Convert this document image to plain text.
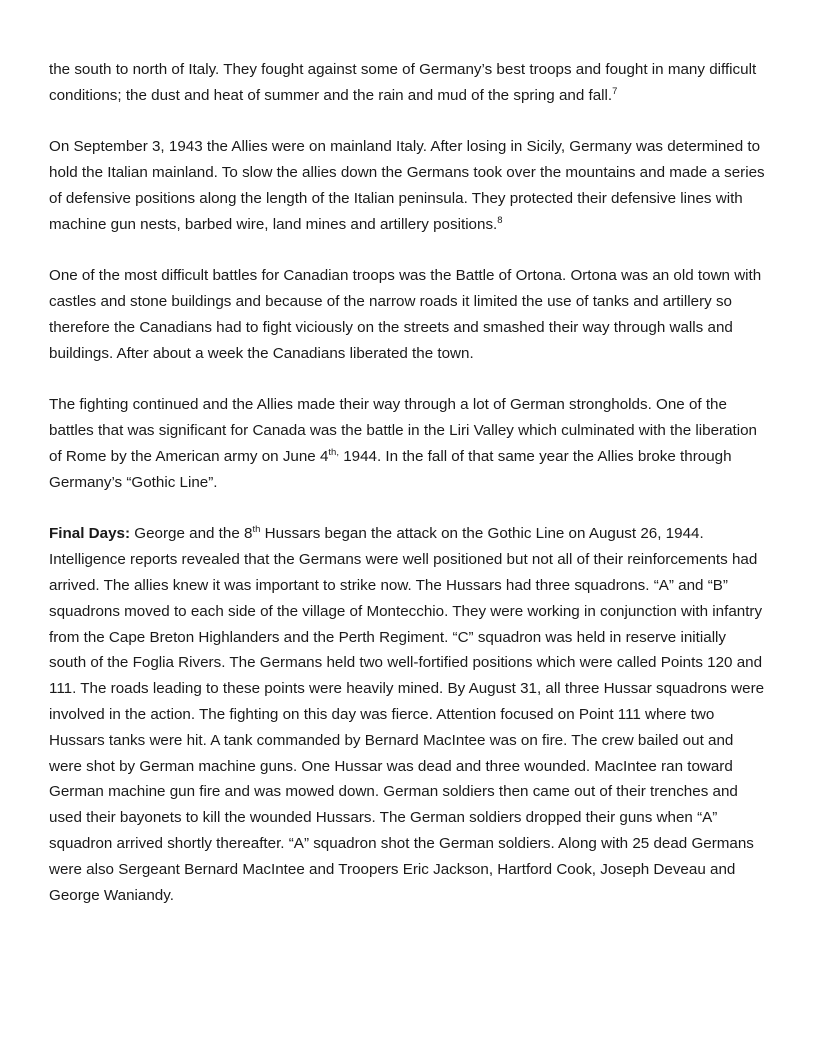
the south to north of Italy. They fought against some of Germany’s best troops and fought in many difficult conditions; the dust and heat of summer and the rain and mud of the spring and fall.$^7$

On September 3, 1943 the Allies were on mainland Italy. After losing in Sicily, Germany was determined to hold the Italian mainland. To slow the allies down the Germans took over the mountains and made a series of defensive positions along the length of the Italian peninsula. They protected their defensive lines with machine gun nests, barbed wire, land mines and artillery positions.$^8$

One of the most difficult battles for Canadian troops was the Battle of Ortona. Ortona was an old town with castles and stone buildings and because of the narrow roads it limited the use of tanks and artillery so therefore the Canadians had to fight viciously on the streets and smashed their way through walls and buildings. After about a week the Canadians liberated the town.

The fighting continued and the Allies made their way through a lot of German strongholds. One of the battles that was significant for Canada was the battle in the Liri Valley which culminated with the liberation of Rome by the American army on June $4^{th,}$ 1944. In the fall of that same year the Allies broke through Germany’s “Gothic Line”.

Final Days: George and the 8th Hussars began the attack on the Gothic Line on August 26, 1944. Intelligence reports revealed that the Germans were well positioned but not all of their reinforcements had arrived. The allies knew it was important to strike now. The Hussars had three squadrons. “A” and “B” squadrons moved to each side of the village of Montecchio. They were working in conjunction with infantry from the Cape Breton Highlanders and the Perth Regiment. “C” squadron was held in reserve initially south of the Foglia Rivers. The Germans held two well-fortified positions which were called Points 120 and 111. The roads leading to these points were heavily mined. By August 31, all three Hussar squadrons were involved in the action. The fighting on this day was fierce. Attention focused on Point 111 where two Hussars tanks were hit. A tank commanded by Bernard MacIntee was on fire. The crew bailed out and were shot by German machine guns. One Hussar was dead and three wounded. MacIntee ran toward German machine gun fire and was mowed down. German soldiers then came out of their trenches and used their bayonets to kill the wounded Hussars. The German soldiers dropped their guns when “A” squadron arrived shortly thereafter. “A” squadron shot the German soldiers. Along with 25 dead Germans were also Sergeant Bernard MacIntee and Troopers Eric Jackson, Hartford Cook, Joseph Deveau and George Waniandy.
